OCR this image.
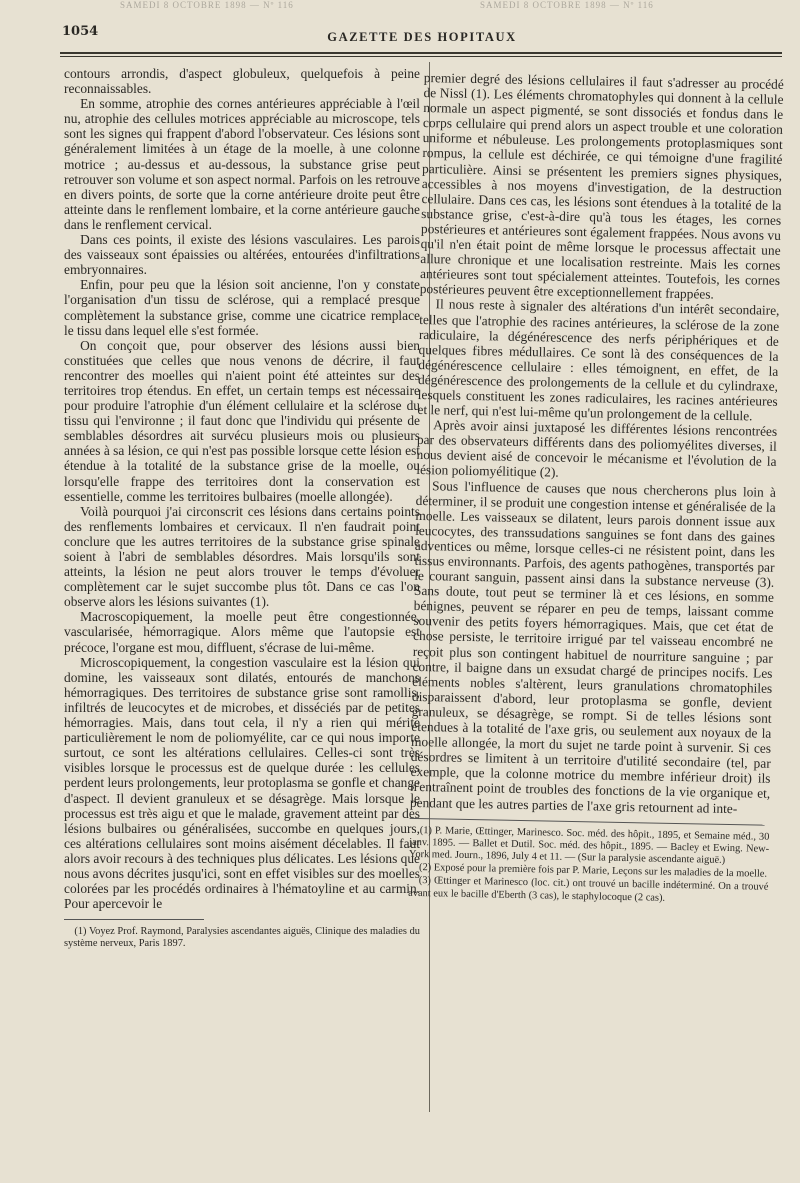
SAMEDI 8 OCTOBRE 1898 — Nº 116	SAMEDI 8 OCTOBRE 1898 — Nº 116
1054	GAZETTE DES HOPITAUX

contours arrondis, d'aspect globuleux, quelquefois à peine reconnaissables.

En somme, atrophie des cornes antérieures appréciable à l'œil nu, atrophie des cellules motrices appréciable au microscope, tels sont les signes qui frappent d'abord l'observateur. Ces lésions sont généralement limitées à un étage de la moelle, à une colonne motrice ; au-dessus et au-dessous, la substance grise peut retrouver son volume et son aspect normal. Parfois on les retrouve en divers points, de sorte que la corne antérieure droite peut être atteinte dans le renflement lombaire, et la corne antérieure gauche dans le renflement cervical.

Dans ces points, il existe des lésions vasculaires. Les parois des vaisseaux sont épaissies ou altérées, entourées d'infiltrations embryonnaires.

Enfin, pour peu que la lésion soit ancienne, l'on y constate l'organisation d'un tissu de sclérose, qui a remplacé presque complètement la substance grise, comme une cicatrice remplace le tissu dans lequel elle s'est formée.

On conçoit que, pour observer des lésions aussi bien constituées que celles que nous venons de décrire, il faut rencontrer des moelles qui n'aient point été atteintes sur des territoires trop étendus. En effet, un certain temps est nécessaire pour produire l'atrophie d'un élément cellulaire et la sclérose du tissu qui l'environne ; il faut donc que l'individu qui présente de semblables désordres ait survécu plusieurs mois ou plusieurs années à sa lésion, ce qui n'est pas possible lorsque cette lésion est étendue à la totalité de la substance grise de la moelle, ou lorsqu'elle frappe des territoires dont la conservation est essentielle, comme les territoires bulbaires (moelle allongée).

Voilà pourquoi j'ai circonscrit ces lésions dans certains points des renflements lombaires et cervicaux. Il n'en faudrait point conclure que les autres territoires de la substance grise spinale soient à l'abri de semblables désordres. Mais lorsqu'ils sont atteints, la lésion ne peut alors trouver le temps d'évoluer complètement car le sujet succombe plus tôt. Dans ce cas l'on observe alors les lésions suivantes (1).

Macroscopiquement, la moelle peut être congestionnée, vascularisée, hémorragique. Alors même que l'autopsie est précoce, l'organe est mou, diffluent, s'écrase de lui-même.

Microscopiquement, la congestion vasculaire est la lésion qui domine, les vaisseaux sont dilatés, entourés de manchons hémorragiques. Des territoires de substance grise sont ramollis, infiltrés de leucocytes et de microbes, et disséciés par de petites hémorragies. Mais, dans tout cela, il n'y a rien qui mérite particulièrement le nom de poliomyélite, car ce qui nous importe surtout, ce sont les altérations cellulaires. Celles-ci sont très visibles lorsque le processus est de quelque durée : les cellules perdent leurs prolongements, leur protoplasma se gonfle et change d'aspect. Il devient granuleux et se désagrège. Mais lorsque le processus est très aigu et que le malade, gravement atteint par des lésions bulbaires ou généralisées, succombe en quelques jours, ces altérations cellulaires sont moins aisément décelables. Il faut alors avoir recours à des techniques plus délicates. Les lésions que nous avons décrites jusqu'ici, sont en effet visibles sur des moelles colorées par les procédés ordinaires à l'hématoyline et au carmin. Pour apercevoir le

(1) Voyez Prof. Raymond, Paralysies ascendantes aiguës, Clinique des maladies du système nerveux, Paris 1897.

premier degré des lésions cellulaires il faut s'adresser au procédé de Nissl (1). Les éléments chromatophyles qui donnent à la cellule normale un aspect pigmenté, se sont dissociés et fondus dans le corps cellulaire qui prend alors un aspect trouble et une coloration uniforme et nébuleuse. Les prolongements protoplasmiques sont rompus, la cellule est déchirée, ce qui témoigne d'une fragilité particulière. Ainsi se présentent les premiers signes physiques, accessibles à nos moyens d'investigation, de la destruction cellulaire. Dans ces cas, les lésions sont étendues à la totalité de la substance grise, c'est-à-dire qu'à tous les étages, les cornes postérieures et antérieures sont également frappées. Nous avons vu qu'il n'en était point de même lorsque le processus affectait une allure chronique et une localisation restreinte. Mais les cornes antérieures sont tout spécialement atteintes. Toutefois, les cornes postérieures peuvent être exceptionnellement frappées.

Il nous reste à signaler des altérations d'un intérêt secondaire, telles que l'atrophie des racines antérieures, la sclérose de la zone radiculaire, la dégénérescence des nerfs périphériques et de quelques fibres médullaires. Ce sont là des conséquences de la dégénérescence cellulaire : elles témoignent, en effet, de la dégénérescence des prolongements de la cellule et du cylindraxe, lesquels constituent les zones radiculaires, les racines antérieures et le nerf, qui n'est lui-même qu'un prolongement de la cellule.

Après avoir ainsi juxtaposé les différentes lésions rencontrées par des observateurs différents dans des poliomyélites diverses, il nous devient aisé de concevoir le mécanisme et l'évolution de la lésion poliomyélitique (2).

Sous l'influence de causes que nous chercherons plus loin à déterminer, il se produit une congestion intense et généralisée de la moelle. Les vaisseaux se dilatent, leurs parois donnent issue aux leucocytes, des transsudations sanguines se font dans des gaines adventices ou même, lorsque celles-ci ne résistent point, dans les tissus environnants. Parfois, des agents pathogènes, transportés par le courant sanguin, passent ainsi dans la substance nerveuse (3). Sans doute, tout peut se terminer là et ces lésions, en somme bénignes, peuvent se réparer en peu de temps, laissant comme souvenir des petits foyers hémorragiques. Mais, que cet état de chose persiste, le territoire irrigué par tel vaisseau encombré ne reçoit plus son contingent habituel de nourriture sanguine ; par contre, il baigne dans un exsudat chargé de principes nocifs. Les éléments nobles s'altèrent, leurs granulations chromatophiles disparaissent d'abord, leur protoplasma se gonfle, devient granuleux, se désagrège, se rompt. Si de telles lésions sont étendues à la totalité de l'axe gris, ou seulement aux noyaux de la moelle allongée, la mort du sujet ne tarde point à survenir. Si ces désordres se limitent à un territoire d'utilité secondaire (tel, par exemple, que la colonne motrice du membre inférieur droit) ils n'entraînent point de troubles des fonctions de la vie organique et, pendant que les autres parties de l'axe gris retournent ad inte-

(1) P. Marie, Œttinger, Marinesco. Soc. méd. des hôpit., 1895, et Semaine méd., 30 janv. 1895. — Ballet et Dutil. Soc. méd. des hôpit., 1895. — Bacley et Ewing. New-York med. Journ., 1896, July 4 et 11. — (Sur la paralysie ascendante aiguë.)

(2) Exposé pour la première fois par P. Marie, Leçons sur les maladies de la moelle.

(3) Œttinger et Marinesco (loc. cit.) ont trouvé un bacille indéterminé. On a trouvé avant eux le bacille d'Eberth (3 cas), le staphylocoque (2 cas).
